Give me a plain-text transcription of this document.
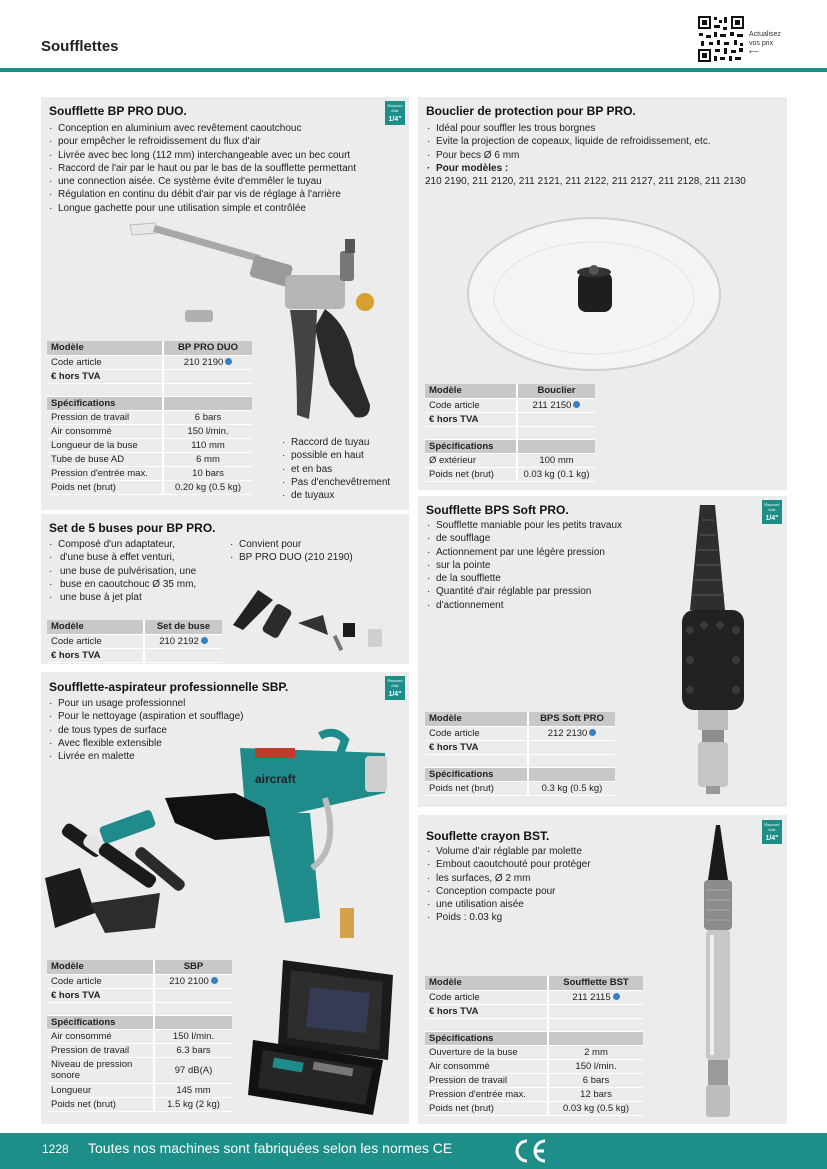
Soufflettes
Actualisez
vos prix
⟵
Soufflette BP PRO DUO.	Raccord
d'air
1/4"
· Conception en aluminium avec revêtement caoutchouc
· pour empêcher le refroidissement du flux d'air
· Livrée avec bec long (112 mm) interchangeable avec un bec court
· Raccord de l'air par le haut ou par le bas de la soufflette permettant
· une connection aisée. Ce système évite d'emmêler le tuyau
· Régulation en continu du débit d'air par vis de réglage à l'arrière
· Longue gachette pour une utilisation simple et contrôlée
· Raccord de tuyau
· possible en haut
· et en bas
· Pas d'enchevêtrement
· de tuyaux
Modèle	BP PRO DUO
Code article	210 2190
€ hors TVA	

Spécifications	
Pression de travail	6 bars
Air consommé	150 l/min.
Longueur de la buse	110 mm
Tube de buse AD	6 mm
Pression d'entrée max.	10 bars
Poids net (brut)	0.20 kg (0.5 kg)
Bouclier de protection pour BP PRO.
· Idéal pour souffler les trous borgnes
· Evite la projection de copeaux, liquide de refroidissement, etc.
· Pour becs Ø 6 mm
· Pour modèles :
· 210 2190, 211 2120, 211 2121, 211 2122, 211 2127, 211 2128, 211 2130
Modèle	Bouclier
Code article	211 2150
€ hors TVA	

Spécifications	
Ø extérieur	100 mm
Poids net (brut)	0.03 kg (0.1 kg)
Set de 5 buses pour BP PRO.
· Composé d'un adaptateur,
· d'une buse à effet venturi,
· une buse de pulvérisation, une
· buse en caoutchouc Ø 35 mm,
· une buse à jet plat
· Convient pour
· BP PRO DUO (210 2190)
Modèle	Set de buse
Code article	210 2192
€ hors TVA	
Soufflette BPS Soft PRO.	Raccord
d'air
1/4"
· Soufflette maniable pour les petits travaux
· de soufflage
· Actionnement par une légère pression
· sur la pointe
· de la soufflette
· Quantité d'air réglable par pression
· d'actionnement
Modèle	BPS Soft PRO
Code article	212 2130
€ hors TVA	

Spécifications	
Poids net (brut)	0.3 kg (0.5 kg)
Soufflette-aspirateur professionnelle SBP.	Raccord
d'air
1/4"
· Pour un usage professionnel
· Pour le nettoyage (aspiration et soufflage)
· de tous types de surface
· Avec flexible extensible
· Livrée en malette
aircraft
Modèle	SBP
Code article	210 2100
€ hors TVA	

Spécifications	
Air consommé	150 l/min.
Pression de travail	6.3 bars
Niveau de pression sonore	97 dB(A)
Longueur	145 mm
Poids net (brut)	1.5 kg (2 kg)
Souflette crayon BST.
Raccord
d'air
1/4"
· Volume d'air réglable par molette
· Embout caoutchouté pour protéger
· les surfaces, Ø 2 mm
· Conception compacte pour
· une utilisation aisée
· Poids : 0.03 kg
Modèle	Soufflette BST
Code article	211 2115
€ hors TVA	

Spécifications	
Ouverture de la buse	2 mm
Air consommé	150 l/min.
Pression de travail	6 bars
Pression d'entrée max.	12 bars
Poids net (brut)	0.03 kg (0.5 kg)
1228 Toutes nos machines sont fabriquées selon les normes CE
